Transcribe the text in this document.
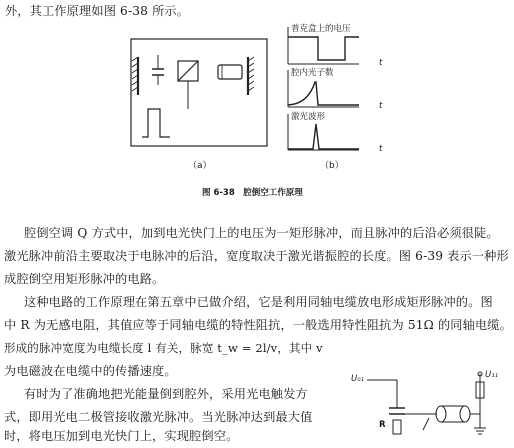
外，其工作原理如图 6-38 所示。
（a）
普克盒上的电压
腔内光子数
激光波形
t
t
t
（b）
图 6-38　腔倒空工作原理
腔倒空调 Q 方式中，加到电光快门上的电压为一矩形脉冲，而且脉冲的后沿必须很陡。
激光脉冲前沿主要取决于电脉冲的后沿，宽度取决于激光谐振腔的长度。图 6-39 表示一种形
成腔倒空用矩形脉冲的电路。
这种电路的工作原理在第五章中已做介绍，它是利用同轴电缆放电形成矩形脉冲的。图
中 R 为无感电阻，其值应等于同轴电缆的特性阻抗，一般选用特性阻抗为 51Ω 的同轴电缆。
形成的脉冲宽度为电缆长度 l 有关，脉宽 t_w = 2l/v，其中 v
为电磁波在电缆中的传播速度。
有时为了准确地把光能量倒到腔外，采用光电触发方
式，即用光电二极管接收激光脉冲。当光脉冲达到最大值
时，将电压加到电光快门上，实现腔倒空。
U₀₁	U₁₁
R
